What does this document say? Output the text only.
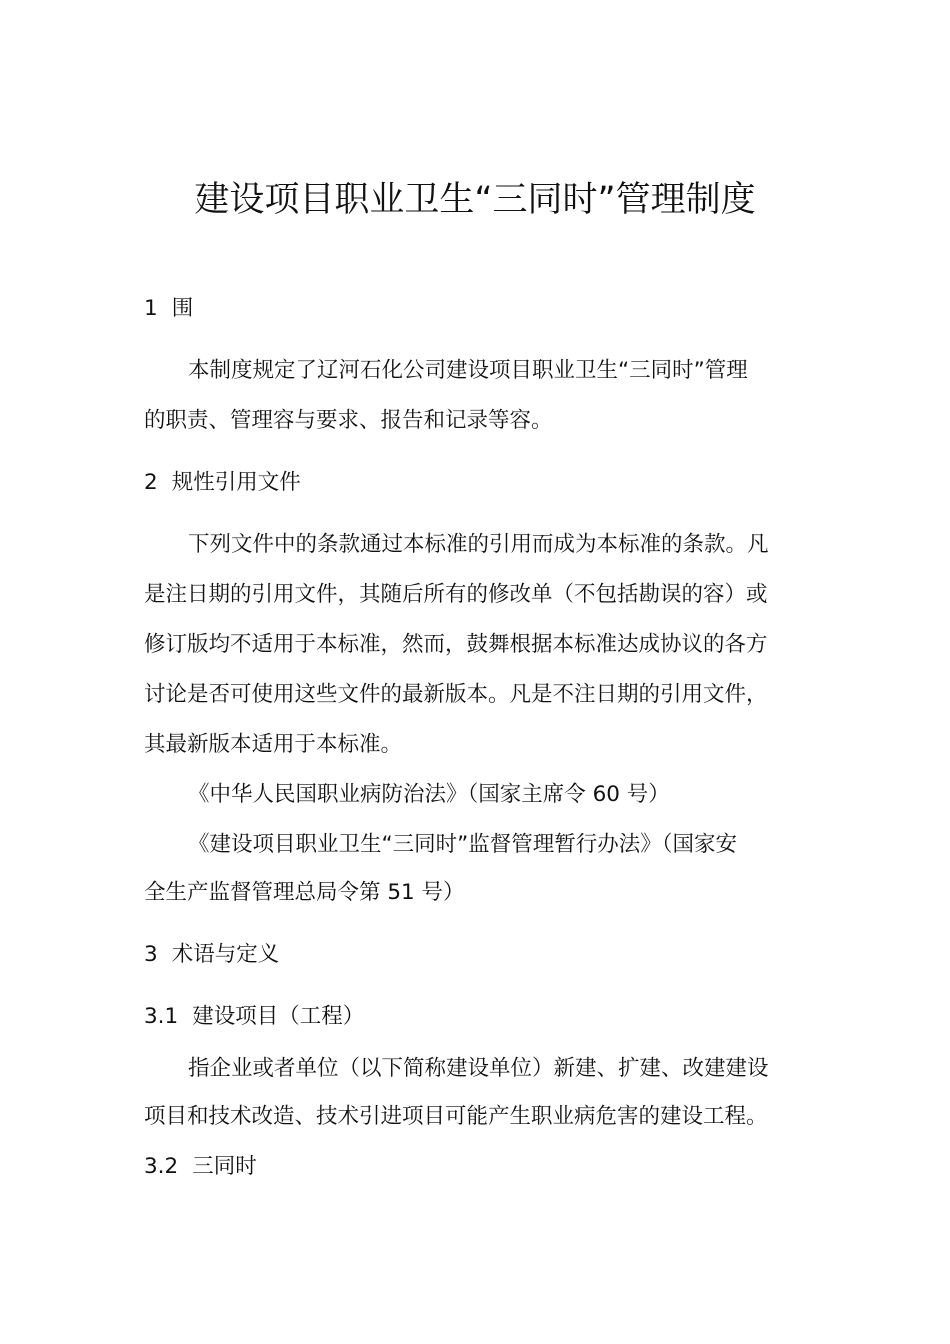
建设项目职业卫生“三同时”管理制度
1 围
本制度规定了辽河石化公司建设项目职业卫生“三同时”管理
的职责、管理容与要求、报告和记录等容。
2 规性引用文件
下列文件中的条款通过本标准的引用而成为本标准的条款。凡
是注日期的引用文件，其随后所有的修改单（不包括勘误的容）或
修订版均不适用于本标准，然而，鼓舞根据本标准达成协议的各方
讨论是否可使用这些文件的最新版本。凡是不注日期的引用文件，
其最新版本适用于本标准。
《中华人民国职业病防治法》（国家主席令 60 号）
《建设项目职业卫生“三同时”监督管理暂行办法》（国家安
全生产监督管理总局令第 51 号）
3 术语与定义
3.1 建设项目（工程）
指企业或者单位（以下简称建设单位）新建、扩建、改建建设
项目和技术改造、技术引进项目可能产生职业病危害的建设工程。
3.2 三同时
